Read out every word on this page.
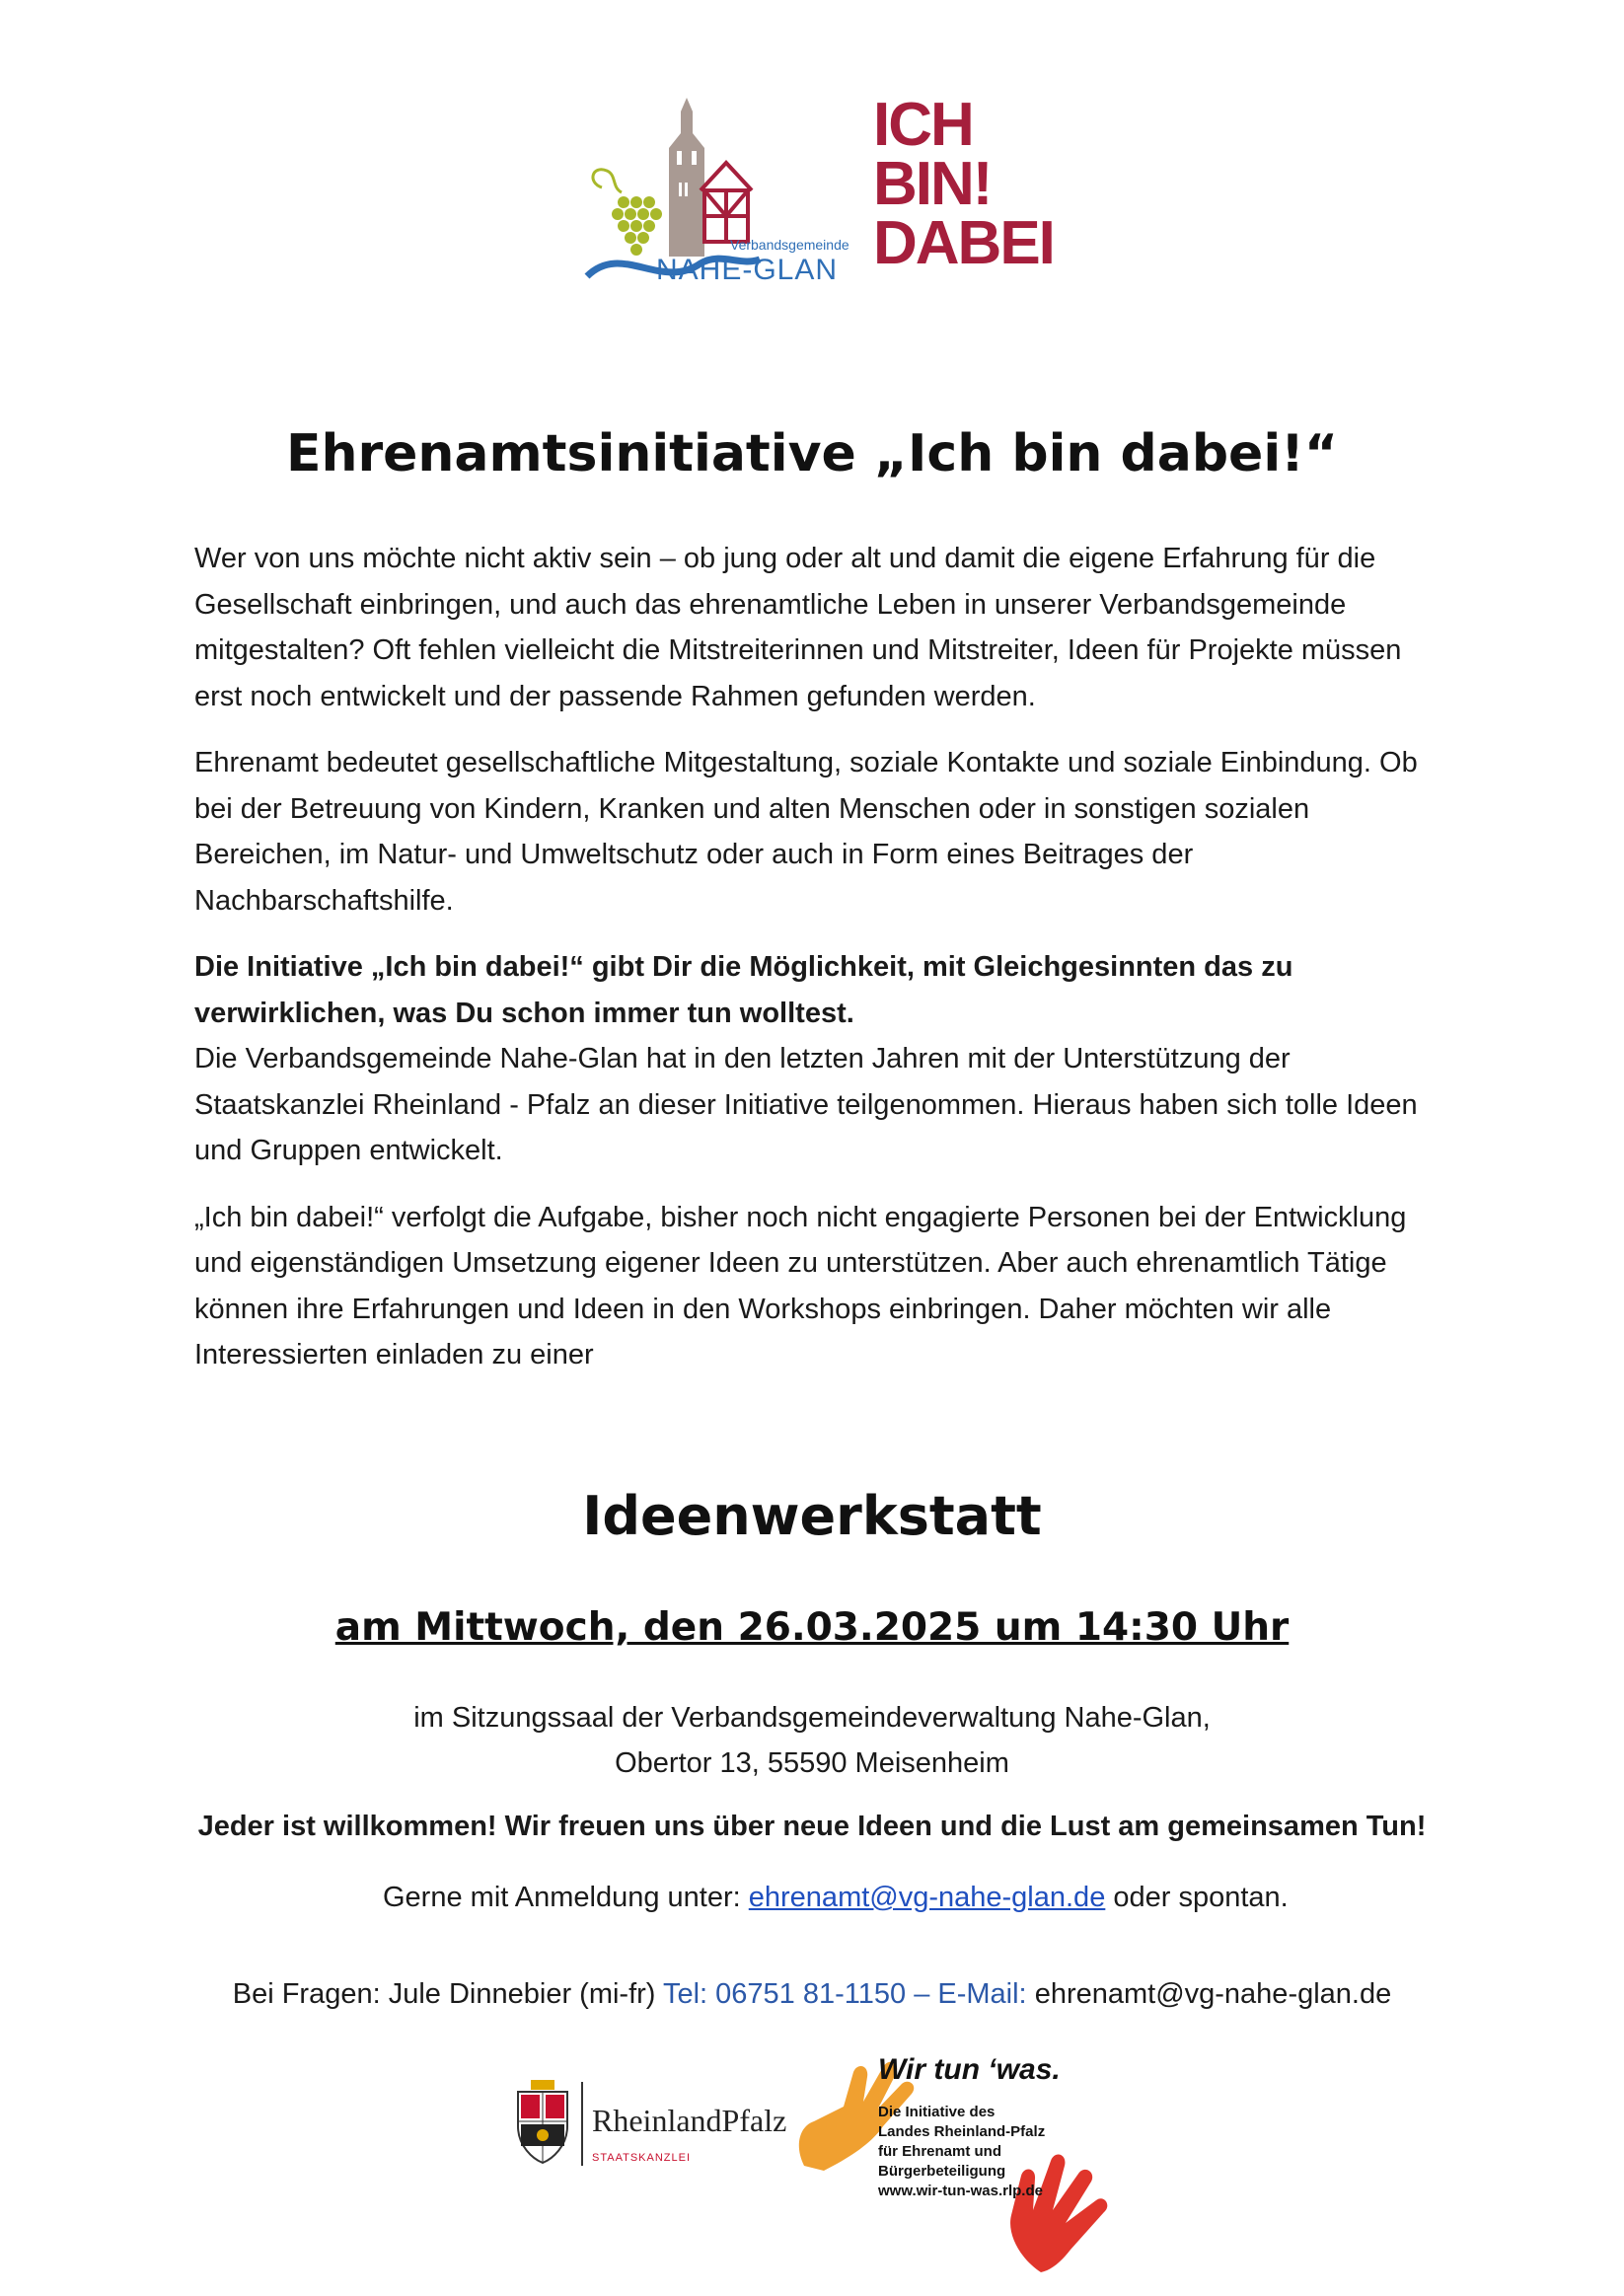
Verbandsgemeinde
NAHE-GLAN
ICH
BIN!
DABEI
Ehrenamtsinitiative „Ich bin dabei!“

Wer von uns möchte nicht aktiv sein – ob jung oder alt und damit die eigene Erfahrung für die Gesellschaft einbringen, und auch das ehrenamtliche Leben in unserer Verbandsgemeinde mitgestalten? Oft fehlen vielleicht die Mitstreiterinnen und Mitstreiter, Ideen für Projekte müssen erst noch entwickelt und der passende Rahmen gefunden werden.

Ehrenamt bedeutet gesellschaftliche Mitgestaltung, soziale Kontakte und soziale Einbindung. Ob bei der Betreuung von Kindern, Kranken und alten Menschen oder in sonstigen sozialen Bereichen, im Natur- und Umweltschutz oder auch in Form eines Beitrages der Nachbarschaftshilfe.

Die Initiative „Ich bin dabei!“ gibt Dir die Möglichkeit, mit Gleichgesinnten das zu verwirklichen, was Du schon immer tun wolltest.
Die Verbandsgemeinde Nahe-Glan hat in den letzten Jahren mit der Unterstützung der Staatskanzlei Rheinland - Pfalz an dieser Initiative teilgenommen. Hieraus haben sich tolle Ideen und Gruppen entwickelt.

„Ich bin dabei!“ verfolgt die Aufgabe, bisher noch nicht engagierte Personen bei der Entwicklung und eigenständigen Umsetzung eigener Ideen zu unterstützen. Aber auch ehrenamtlich Tätige können ihre Erfahrungen und Ideen in den Workshops einbringen. Daher möchten wir alle Interessierten einladen zu einer

Ideenwerkstatt
am Mittwoch, den 26.03.2025 um 14:30 Uhr
im Sitzungssaal der Verbandsgemeindeverwaltung Nahe-Glan,
Obertor 13, 55590 Meisenheim
Jeder ist willkommen! Wir freuen uns über neue Ideen und die Lust am gemeinsamen Tun!
Gerne mit Anmeldung unter: ehrenamt@vg-nahe-glan.de oder spontan.
Bei Fragen: Jule Dinnebier (mi-fr) Tel: 06751 81-1150 – E-Mail: ehrenamt@vg-nahe-glan.de
RheinlandPfalz
STAATSKANZLEI
Wir tun ‘was.
Die Initiative des
Landes Rheinland-Pfalz
für Ehrenamt und
Bürgerbeteiligung
www.wir-tun-was.rlp.de
